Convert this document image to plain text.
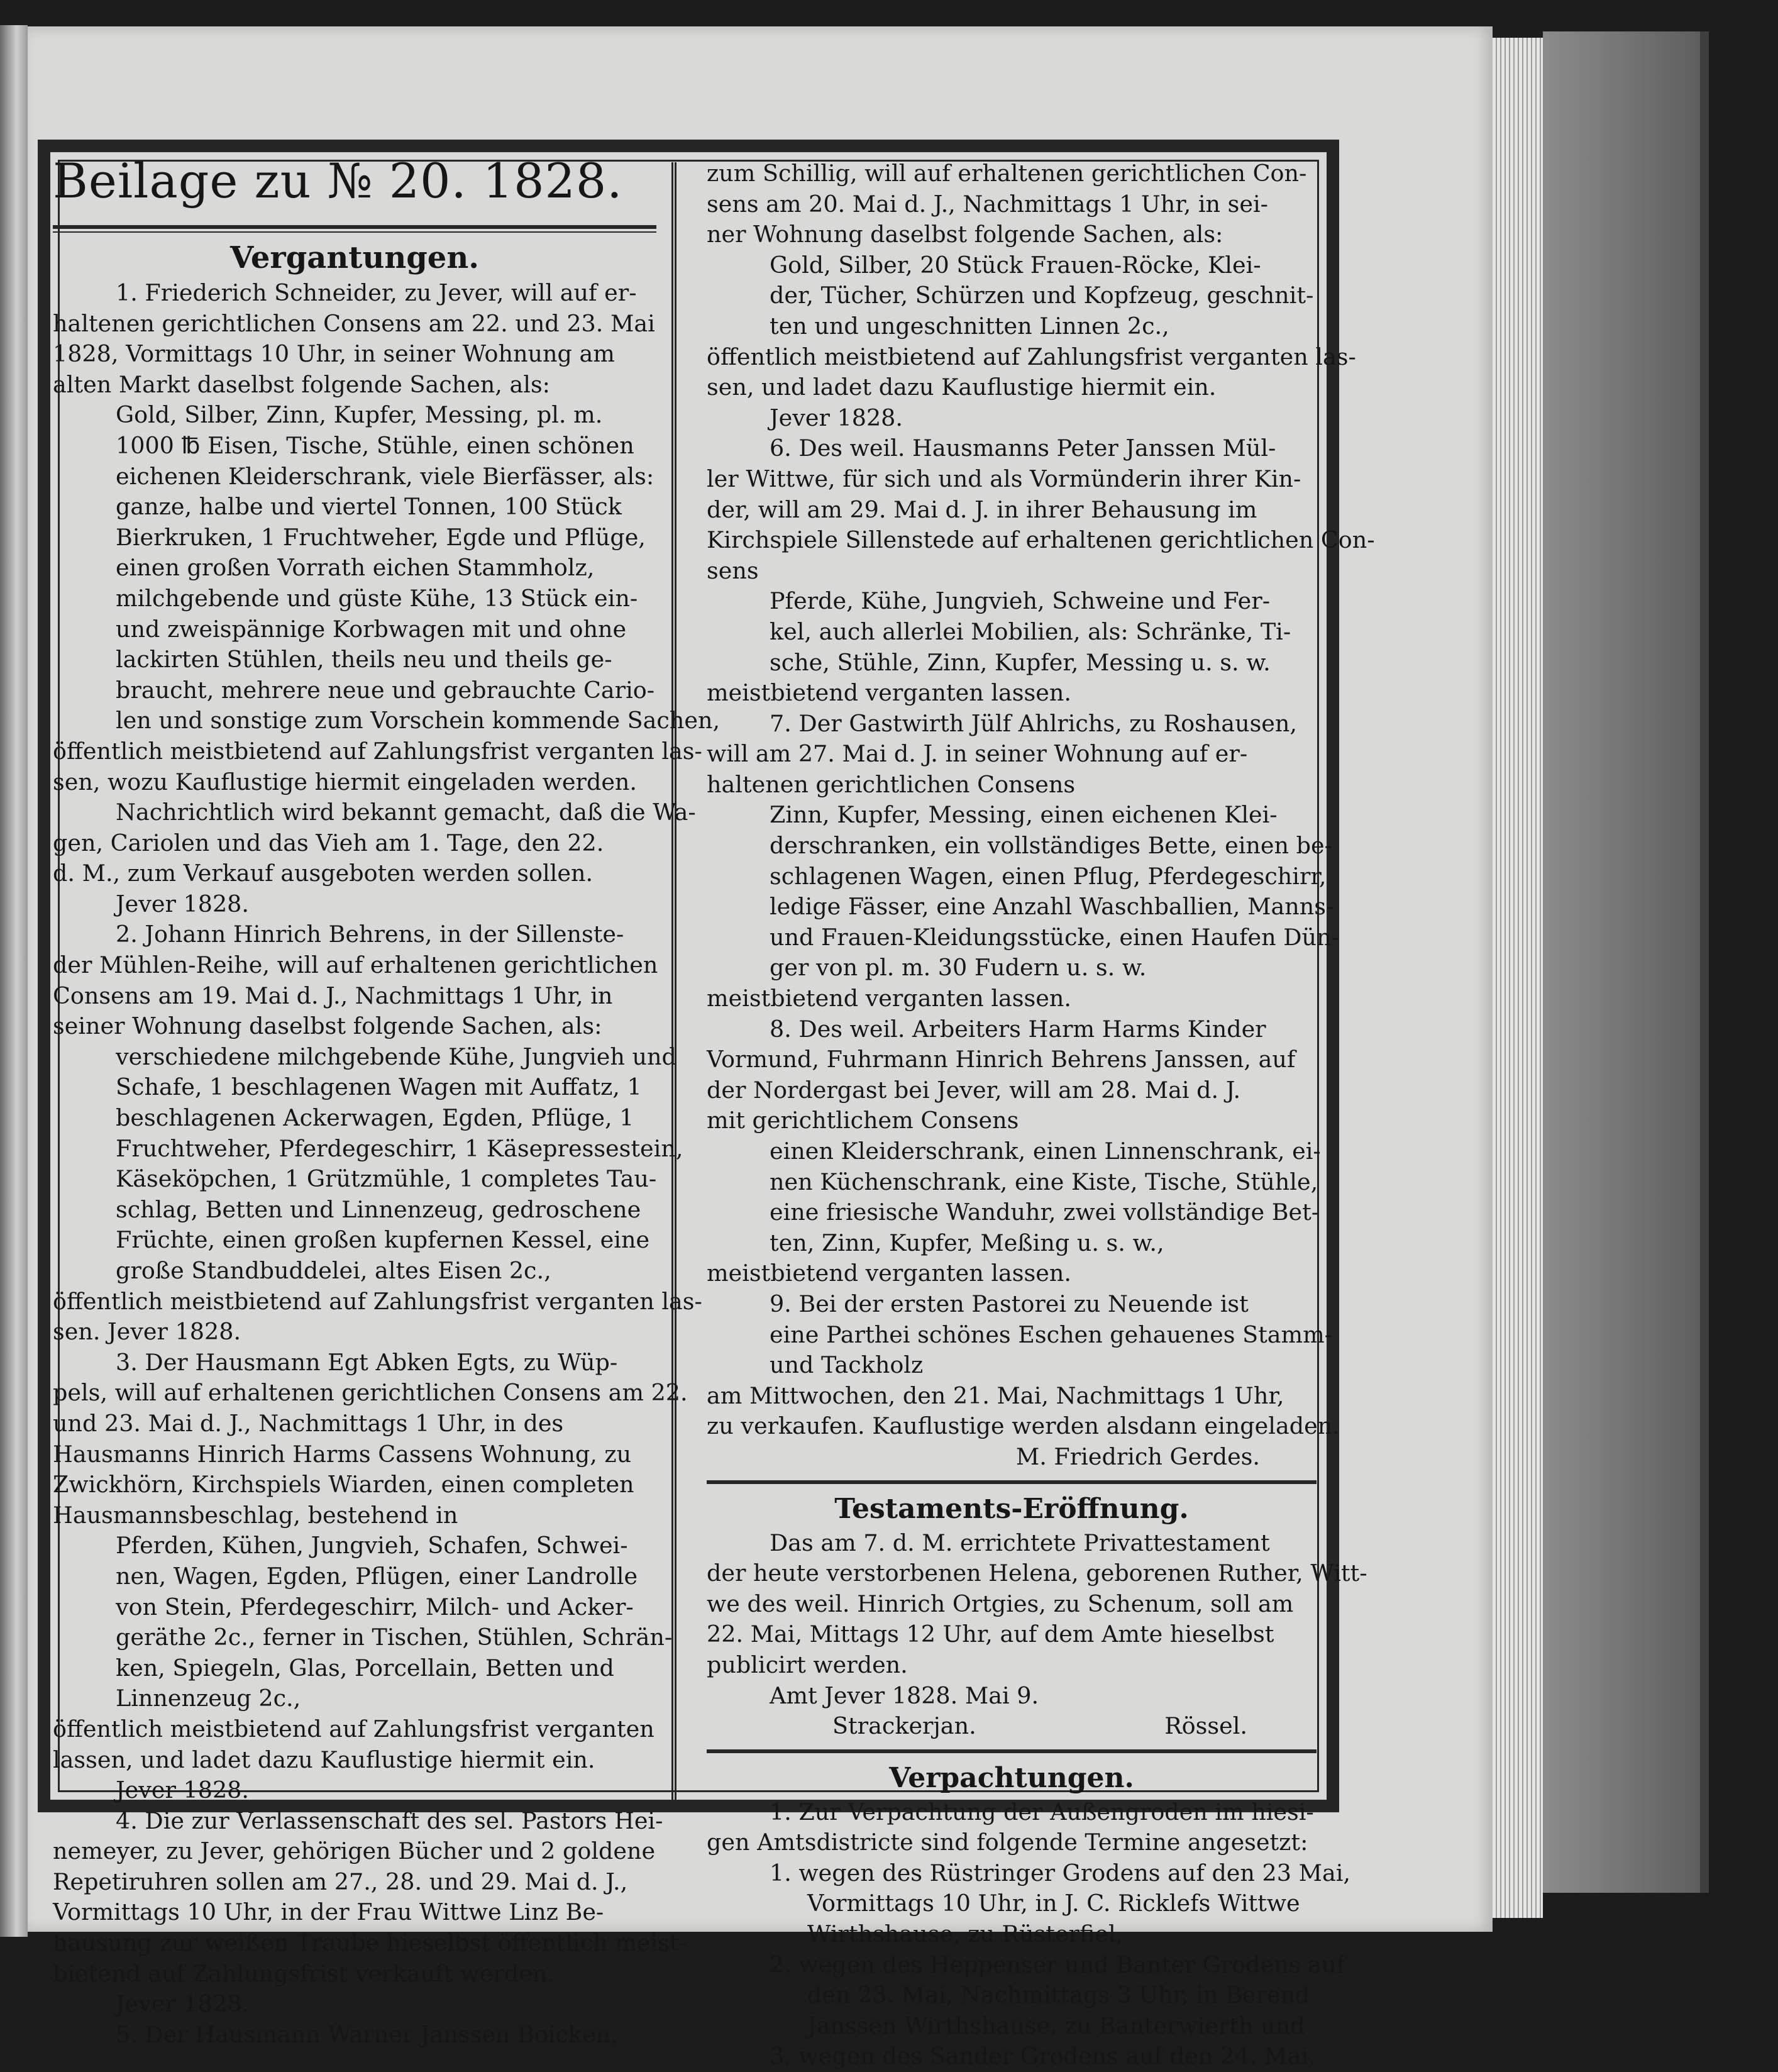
Beilage zu № 20. 1828.
Vergantungen.
1. Friederich Schneider, zu Jever, will auf er-
haltenen gerichtlichen Consens am 22. und 23. Mai
1828, Vormittags 10 Uhr, in seiner Wohnung am
alten Markt daselbst folgende Sachen, als:
Gold, Silber, Zinn, Kupfer, Messing, pl. m.
1000 ℔ Eisen, Tische, Stühle, einen schönen
eichenen Kleiderschrank, viele Bierfässer, als:
ganze, halbe und viertel Tonnen, 100 Stück
Bierkruken, 1 Fruchtweher, Egde und Pflüge,
einen großen Vorrath eichen Stammholz,
milchgebende und güste Kühe, 13 Stück ein-
und zweispännige Korbwagen mit und ohne
lackirten Stühlen, theils neu und theils ge-
braucht, mehrere neue und gebrauchte Cario-
len und sonstige zum Vorschein kommende Sachen,
öffentlich meistbietend auf Zahlungsfrist verganten las-
sen, wozu Kauflustige hiermit eingeladen werden.
Nachrichtlich wird bekannt gemacht, daß die Wa-
gen, Cariolen und das Vieh am 1. Tage, den 22.
d. M., zum Verkauf ausgeboten werden sollen.
Jever 1828.
2. Johann Hinrich Behrens, in der Sillenste-
der Mühlen-Reihe, will auf erhaltenen gerichtlichen
Consens am 19. Mai d. J., Nachmittags 1 Uhr, in
seiner Wohnung daselbst folgende Sachen, als:
verschiedene milchgebende Kühe, Jungvieh und
Schafe, 1 beschlagenen Wagen mit Auffatz, 1
beschlagenen Ackerwagen, Egden, Pflüge, 1
Fruchtweher, Pferdegeschirr, 1 Käsepressestein,
Käseköpchen, 1 Grützmühle, 1 completes Tau-
schlag, Betten und Linnenzeug, gedroschene
Früchte, einen großen kupfernen Kessel, eine
große Standbuddelei, altes Eisen 2c.,
öffentlich meistbietend auf Zahlungsfrist verganten las-
sen. Jever 1828.
3. Der Hausmann Egt Abken Egts, zu Wüp-
pels, will auf erhaltenen gerichtlichen Consens am 22.
und 23. Mai d. J., Nachmittags 1 Uhr, in des
Hausmanns Hinrich Harms Cassens Wohnung, zu
Zwickhörn, Kirchspiels Wiarden, einen completen
Hausmannsbeschlag, bestehend in
Pferden, Kühen, Jungvieh, Schafen, Schwei-
nen, Wagen, Egden, Pflügen, einer Landrolle
von Stein, Pferdegeschirr, Milch- und Acker-
geräthe 2c., ferner in Tischen, Stühlen, Schrän-
ken, Spiegeln, Glas, Porcellain, Betten und
Linnenzeug 2c.,
öffentlich meistbietend auf Zahlungsfrist verganten
lassen, und ladet dazu Kauflustige hiermit ein.
Jever 1828.
4. Die zur Verlassenschaft des sel. Pastors Hei-
nemeyer, zu Jever, gehörigen Bücher und 2 goldene
Repetiruhren sollen am 27., 28. und 29. Mai d. J.,
Vormittags 10 Uhr, in der Frau Wittwe Linz Be-
hausung zur weißen Traube hieselbst öffentlich meist-
bietend auf Zahlungsfrist verkauft werden.
Jever 1828.
5. Der Hausmann Warner Janssen Boicken,
zum Schillig, will auf erhaltenen gerichtlichen Con-
sens am 20. Mai d. J., Nachmittags 1 Uhr, in sei-
ner Wohnung daselbst folgende Sachen, als:
Gold, Silber, 20 Stück Frauen-Röcke, Klei-
der, Tücher, Schürzen und Kopfzeug, geschnit-
ten und ungeschnitten Linnen 2c.,
öffentlich meistbietend auf Zahlungsfrist verganten las-
sen, und ladet dazu Kauflustige hiermit ein.
Jever 1828.
6. Des weil. Hausmanns Peter Janssen Mül-
ler Wittwe, für sich und als Vormünderin ihrer Kin-
der, will am 29. Mai d. J. in ihrer Behausung im
Kirchspiele Sillenstede auf erhaltenen gerichtlichen Con-
sens
Pferde, Kühe, Jungvieh, Schweine und Fer-
kel, auch allerlei Mobilien, als: Schränke, Ti-
sche, Stühle, Zinn, Kupfer, Messing u. s. w.
meistbietend verganten lassen.
7. Der Gastwirth Jülf Ahlrichs, zu Roshausen,
will am 27. Mai d. J. in seiner Wohnung auf er-
haltenen gerichtlichen Consens
Zinn, Kupfer, Messing, einen eichenen Klei-
derschranken, ein vollständiges Bette, einen be-
schlagenen Wagen, einen Pflug, Pferdegeschirr,
ledige Fässer, eine Anzahl Waschballien, Manns-
und Frauen-Kleidungsstücke, einen Haufen Dün-
ger von pl. m. 30 Fudern u. s. w.
meistbietend verganten lassen.
8. Des weil. Arbeiters Harm Harms Kinder
Vormund, Fuhrmann Hinrich Behrens Janssen, auf
der Nordergast bei Jever, will am 28. Mai d. J.
mit gerichtlichem Consens
einen Kleiderschrank, einen Linnenschrank, ei-
nen Küchenschrank, eine Kiste, Tische, Stühle,
eine friesische Wanduhr, zwei vollständige Bet-
ten, Zinn, Kupfer, Meßing u. s. w.,
meistbietend verganten lassen.
9. Bei der ersten Pastorei zu Neuende ist
eine Parthei schönes Eschen gehauenes Stamm-
und Tackholz
am Mittwochen, den 21. Mai, Nachmittags 1 Uhr,
zu verkaufen. Kauflustige werden alsdann eingeladen.
M. Friedrich Gerdes.
Testaments-Eröffnung.
Das am 7. d. M. errichtete Privattestament
der heute verstorbenen Helena, geborenen Ruther, Witt-
we des weil. Hinrich Ortgies, zu Schenum, soll am
22. Mai, Mittags 12 Uhr, auf dem Amte hieselbst
publicirt werden.
Amt Jever 1828. Mai 9.
Strackerjan.	Rössel.
Verpachtungen.
1. Zur Verpachtung der Außengroden im hiesi-
gen Amtsdistricte sind folgende Termine angesetzt:
1. wegen des Rüstringer Grodens auf den 23 Mai,
Vormittags 10 Uhr, in J. C. Ricklefs Wittwe
Wirthshause, zu Rüsterfiel,
2. wegen des Heppenser und Banter Grodens auf
den 23. Mai, Nachmittags 3 Uhr, in Berend
Janssen Wirthshause, zu Banterwierth und
3. wegen des Sander Grodens auf den 24. Mai,
